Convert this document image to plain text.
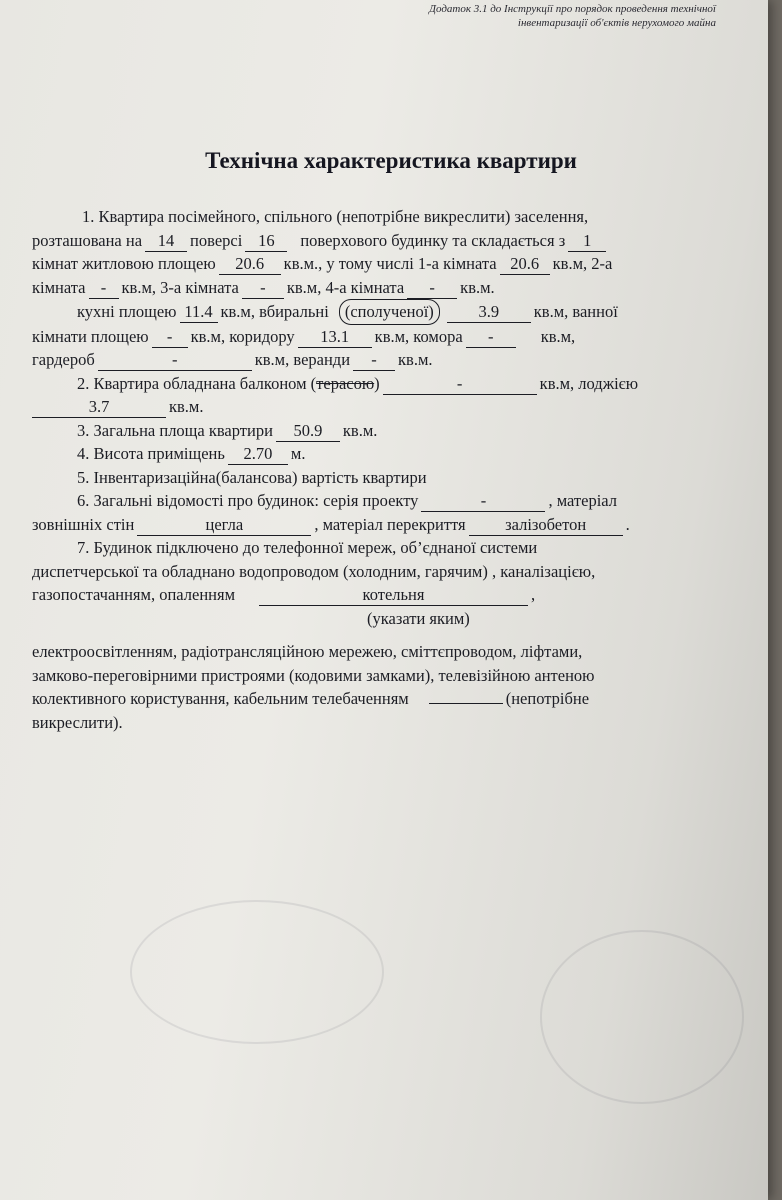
Додаток 3.1 до Інструкції про порядок проведення технічної
інвентаризації об'єктів нерухомого майна
Технічна характеристика квартири
1. Квартира посімейного, спільного (непотрібне викреслити) заселення,
розташована на 14 поверсі 16	поверхового будинку та складається з	1
кімнат житловою площею	20.6	кв.м., у тому числі 1-а кімната 20.6 кв.м, 2-а
кімната - кв.м, 3-а кімната	-	кв.м, 4-а кімната	-	кв.м.
кухні площею 11.4 кв.м, вбиральні (сполученої)	3.9	кв.м, ванної
кімнати площею	-	кв.м, коридору	13.1	кв.м, комора	-	кв.м,
гардероб	-	кв.м, веранди	-	кв.м.
2. Квартира обладнана балконом ( терасою )	-	кв.м, лоджією
3.7	кв.м.
3. Загальна площа квартири	50.9	кв.м.
4. Висота приміщень	2.70	м.
5. Інвентаризаційна(балансова) вартість квартири
6. Загальні відомості про будинок: серія проекту	-	, матеріал
зовнішніх стін	цегла	, матеріал перекриття	залізобетон	.
7. Будинок підключено до телефонної мереж, об’єднаної системи
диспетчерської та обладнано водопроводом (холодним, гарячим) , каналізацією,
газопостачанням, опаленням	котельня	,
(указати яким)
електроосвітленням, радіотрансляційною мережею, сміттєпроводом, ліфтами,
замково-переговірними пристроями (кодовими замками), телевізійною антеною
колективного користування, кабельним телебаченням	(непотрібне
викреслити).
